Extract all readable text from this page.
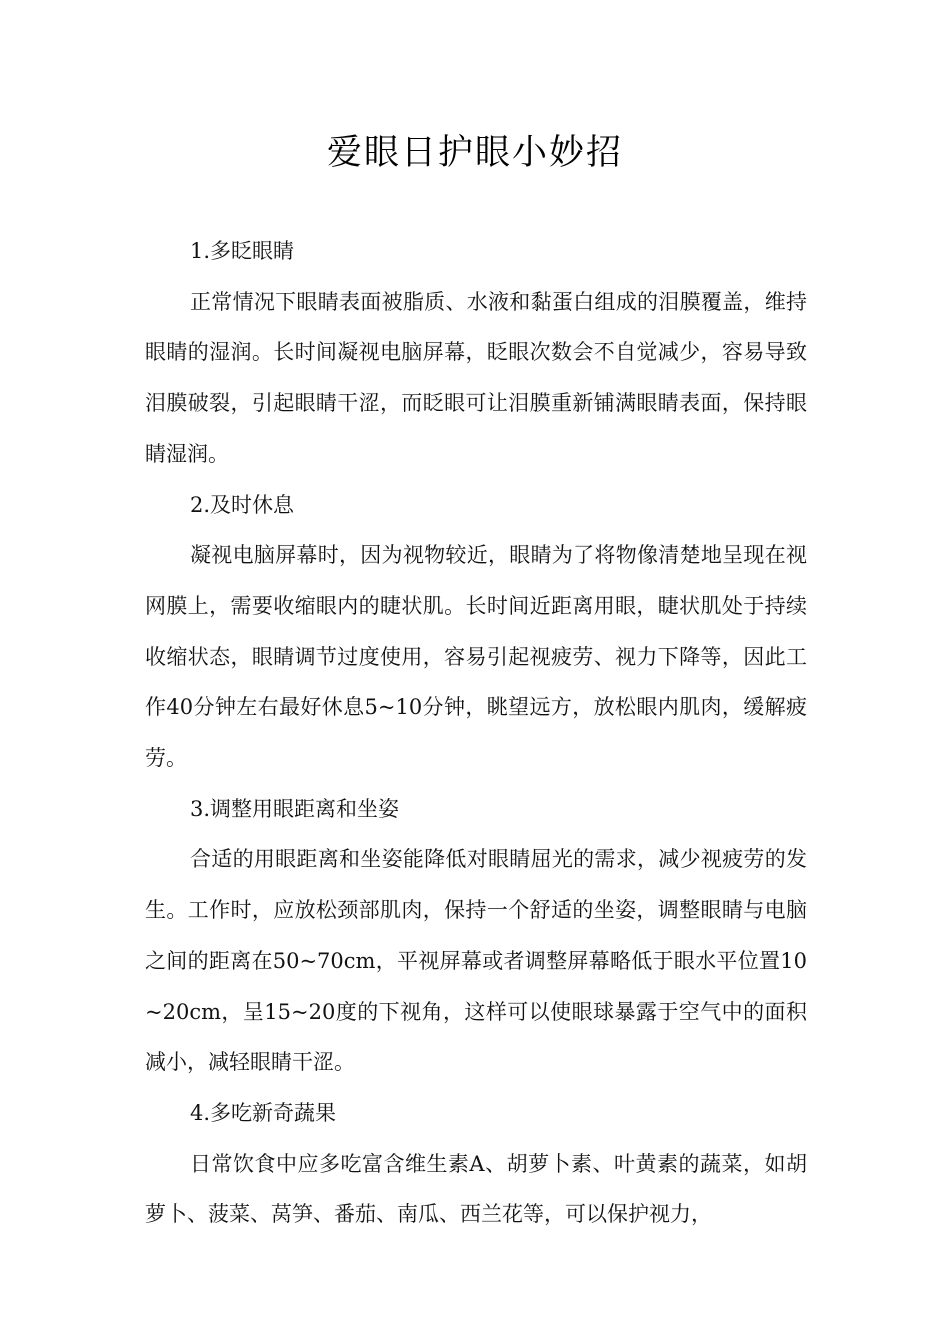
爱眼日护眼小妙招

1.多眨眼睛

正常情况下眼睛表面被脂质、水液和黏蛋白组成的泪膜覆盖，维持眼睛的湿润。长时间凝视电脑屏幕，眨眼次数会不自觉减少，容易导致泪膜破裂，引起眼睛干涩，而眨眼可让泪膜重新铺满眼睛表面，保持眼睛湿润。

2.及时休息

凝视电脑屏幕时，因为视物较近，眼睛为了将物像清楚地呈现在视网膜上，需要收缩眼内的睫状肌。长时间近距离用眼，睫状肌处于持续收缩状态，眼睛调节过度使用，容易引起视疲劳、视力下降等，因此工作40分钟左右最好休息5~10分钟，眺望远方，放松眼内肌肉，缓解疲劳。

3.调整用眼距离和坐姿

合适的用眼距离和坐姿能降低对眼睛屈光的需求，减少视疲劳的发生。工作时，应放松颈部肌肉，保持一个舒适的坐姿，调整眼睛与电脑之间的距离在50~70cm，平视屏幕或者调整屏幕略低于眼水平位置10~20cm，呈15~20度的下视角，这样可以使眼球暴露于空气中的面积减小，减轻眼睛干涩。

4.多吃新奇蔬果

日常饮食中应多吃富含维生素A、胡萝卜素、叶黄素的蔬菜，如胡萝卜、菠菜、莴笋、番茄、南瓜、西兰花等，可以保护视力，
